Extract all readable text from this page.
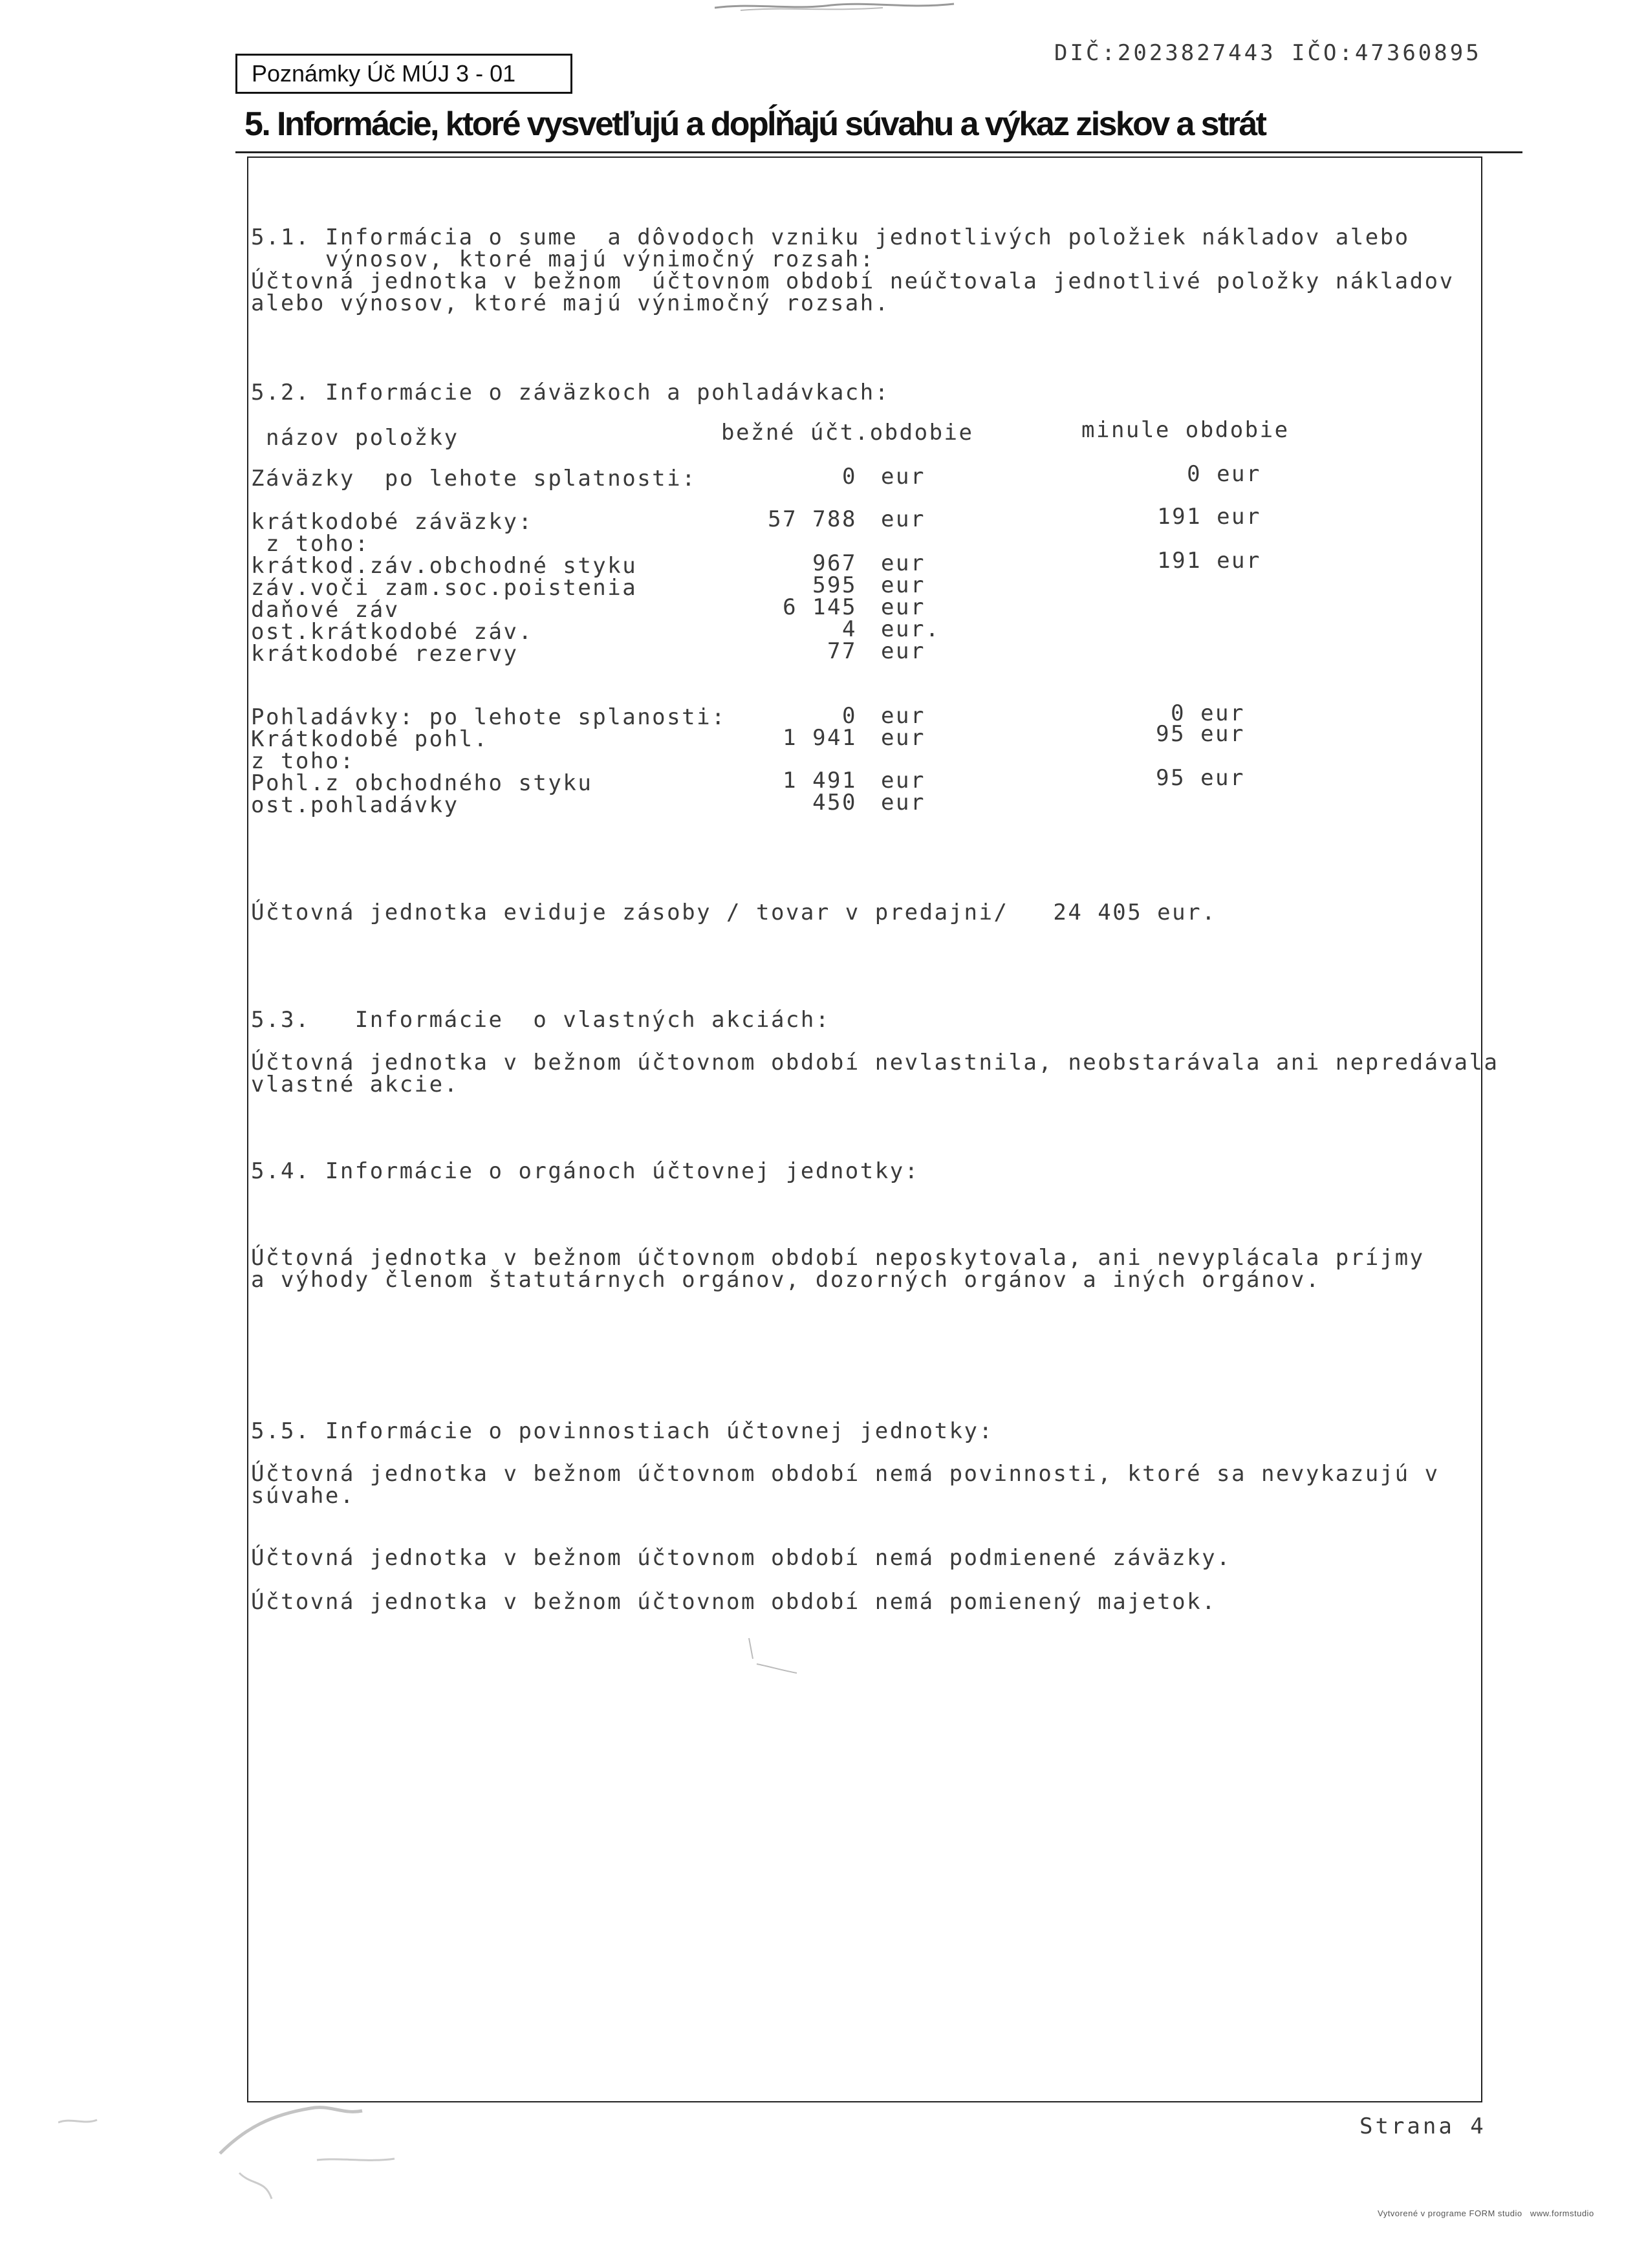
Poznámky Úč MÚJ 3 - 01
DIČ:2023827443 IČO:47360895
5. Informácie, ktoré vysvetľujú a dopĺňajú súvahu a výkaz ziskov a strát
5.1. Informácia o sume  a dôvodoch vzniku jednotlivých položiek nákladov alebo
výnosov, ktoré majú výnimočný rozsah:
Účtovná jednotka v bežnom  účtovnom období neúčtovala jednotlivé položky nákladov
alebo výnosov, ktoré majú výnimočný rozsah.
5.2. Informácie o záväzkoch a pohladávkach:
názov položky	bežné účt.obdobie	minule obdobie
Záväzky  po lehote splatnosti:	0 eur	0 eur
krátkodobé záväzky:	57 788 eur	191 eur
z toho:
krátkod.záv.obchodné styku	967 eur	191 eur
záv.voči zam.soc.poistenia	595 eur
daňové záv	6 145 eur
ost.krátkodobé záv.	4 eur.
krátkodobé rezervy	77 eur
Pohladávky: po lehote splanosti:	0 eur	0 eur
Krátkodobé pohl.	1 941 eur	95 eur
z toho:
Pohl.z obchodného styku	1 491 eur	95 eur
ost.pohladávky	450 eur
Účtovná jednotka eviduje zásoby / tovar v predajni/   24 405 eur.
5.3.   Informácie  o vlastných akciách:
Účtovná jednotka v bežnom účtovnom období nevlastnila, neobstarávala ani nepredávala
vlastné akcie.
5.4. Informácie o orgánoch účtovnej jednotky:
Účtovná jednotka v bežnom účtovnom období neposkytovala, ani nevyplácala príjmy
a výhody členom štatutárnych orgánov, dozorných orgánov a iných orgánov.
5.5. Informácie o povinnostiach účtovnej jednotky:
Účtovná jednotka v bežnom účtovnom období nemá povinnosti, ktoré sa nevykazujú v
súvahe.
Účtovná jednotka v bežnom účtovnom období nemá podmienené záväzky.
Účtovná jednotka v bežnom účtovnom období nemá pomienený majetok.
Strana 4
Vytvorené v programe FORM studio   www.formstudio
